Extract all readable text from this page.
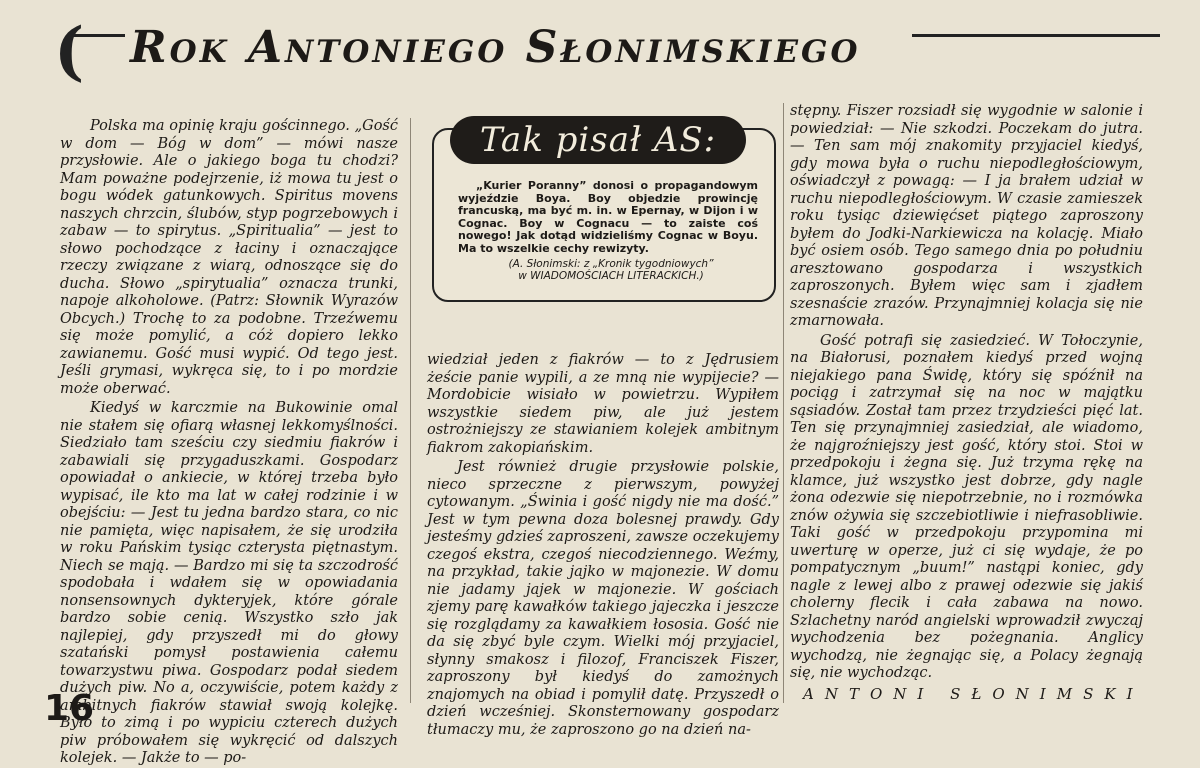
( Rok Antoniego Słonimskiego

Polska ma opinię kraju gościnnego. „Gość w dom — Bóg w dom” — mówi nasze przysłowie. Ale o jakiego boga tu chodzi? Mam poważne podejrzenie, iż mowa tu jest o bogu wódek gatunkowych. Spiritus movens naszych chrzcin, ślubów, styp pogrzebowych i zabaw — to spirytus. „Spiritualia” — jest to słowo pochodzące z łaciny i oznaczające rzeczy związane z wiarą, odnoszące się do ducha. Słowo „spirytualia” oznacza trunki, napoje alkoholowe. (Patrz: Słownik Wyrazów Obcych.) Trochę to za podobne. Trzeźwemu się może pomylić, a cóż dopiero lekko zawianemu. Gość musi wypić. Od tego jest. Jeśli grymasi, wykręca się, to i po mordzie może oberwać.

Kiedyś w karczmie na Bukowinie omal nie stałem się ofiarą własnej lekkomyślności. Siedziało tam sześciu czy siedmiu fiakrów i zabawiali się przygaduszkami. Gospodarz opowiadał o ankiecie, w której trzeba było wypisać, ile kto ma lat w całej rodzinie i w obejściu: — Jest tu jedna bardzo stara, co nic nie pamięta, więc napisałem, że się urodziła w roku Pańskim tysiąc czterysta piętnastym. Niech se mają. — Bardzo mi się ta szczodrość spodobała i wdałem się w opowiadania nonsensownych dykteryjek, które górale bardzo sobie cenią. Wszystko szło jak najlepiej, gdy przyszedł mi do głowy szatański pomysł postawienia całemu towarzystwu piwa. Gospodarz podał siedem dużych piw. No a, oczywiście, potem każdy z ambitnych fiakrów stawiał swoją kolejkę. Było to zimą i po wypiciu czterech dużych piw próbowałem się wykręcić od dalszych kolejek. — Jakże to — po-

Tak pisał AS:

„Kurier Poranny” donosi o propagandowym wyjeździe Boya. Boy objedzie prowincję francuską, ma być m. in. w Epernay, w Dijon i w Cognac. Boy w Cognacu — to zaiste coś nowego! Jak dotąd widzieliśmy Cognac w Boyu. Ma to wszelkie cechy rewizyty.

(A. Słonimski: z „Kronik tygodniowych”
w WIADOMOŚCIACH LITERACKICH.)

wiedział jeden z fiakrów — to z Jędrusiem żeście panie wypili, a ze mną nie wypijecie? — Mordobicie wisiało w powietrzu. Wypiłem wszystkie siedem piw, ale już jestem ostrożniejszy ze stawianiem kolejek ambitnym fiakrom zakopiańskim.

Jest również drugie przysłowie polskie, nieco sprzeczne z pierwszym, powyżej cytowanym. „Świnia i gość nigdy nie ma dość.” Jest w tym pewna doza bolesnej prawdy. Gdy jesteśmy gdzieś zaproszeni, zawsze oczekujemy czegoś ekstra, czegoś niecodziennego. Weźmy, na przykład, takie jajko w majonezie. W domu nie jadamy jajek w majonezie. W gościach zjemy parę kawałków takiego jajeczka i jeszcze się rozglądamy za kawałkiem łososia. Gość nie da się zbyć byle czym. Wielki mój przyjaciel, słynny smakosz i filozof, Franciszek Fiszer, zaproszony był kiedyś do zamożnych znajomych na obiad i pomylił datę. Przyszedł o dzień wcześniej. Skonsternowany gospodarz tłumaczy mu, że zaproszono go na dzień na-

stępny. Fiszer rozsiadł się wygodnie w salonie i powiedział: — Nie szkodzi. Poczekam do jutra. — Ten sam mój znakomity przyjaciel kiedyś, gdy mowa była o ruchu niepodległościowym, oświadczył z powagą: — I ja brałem udział w ruchu niepodległościowym. W czasie zamieszek roku tysiąc dziewięćset piątego zaproszony byłem do Jodki-Narkiewicza na kolację. Miało być osiem osób. Tego samego dnia po południu aresztowano gospodarza i wszystkich zaproszonych. Byłem więc sam i zjadłem szesnaście zrazów. Przynajmniej kolacja się nie zmarnowała.

Gość potrafi się zasiedzieć. W Tołoczynie, na Białorusi, poznałem kiedyś przed wojną niejakiego pana Świdę, który się spóźnił na pociąg i zatrzymał się na noc w majątku sąsiadów. Został tam przez trzydzieści pięć lat. Ten się przynajmniej zasiedział, ale wiadomo, że najgroźniejszy jest gość, który stoi. Stoi w przedpokoju i żegna się. Już trzyma rękę na klamce, już wszystko jest dobrze, gdy nagle żona odezwie się niepotrzebnie, no i rozmówka znów ożywia się szczebiotliwie i niefrasobliwie. Taki gość w przedpokoju przypomina mi uwerturę w operze, już ci się wydaje, że po pompatycznym „buum!” nastąpi koniec, gdy nagle z lewej albo z prawej odezwie się jakiś cholerny flecik i cała zabawa na nowo. Szlachetny naród angielski wprowadził zwyczaj wychodzenia bez pożegnania. Anglicy wychodzą, nie żegnając się, a Polacy żegnają się, nie wychodząc.

ANTONI SŁONIMSKI
16
